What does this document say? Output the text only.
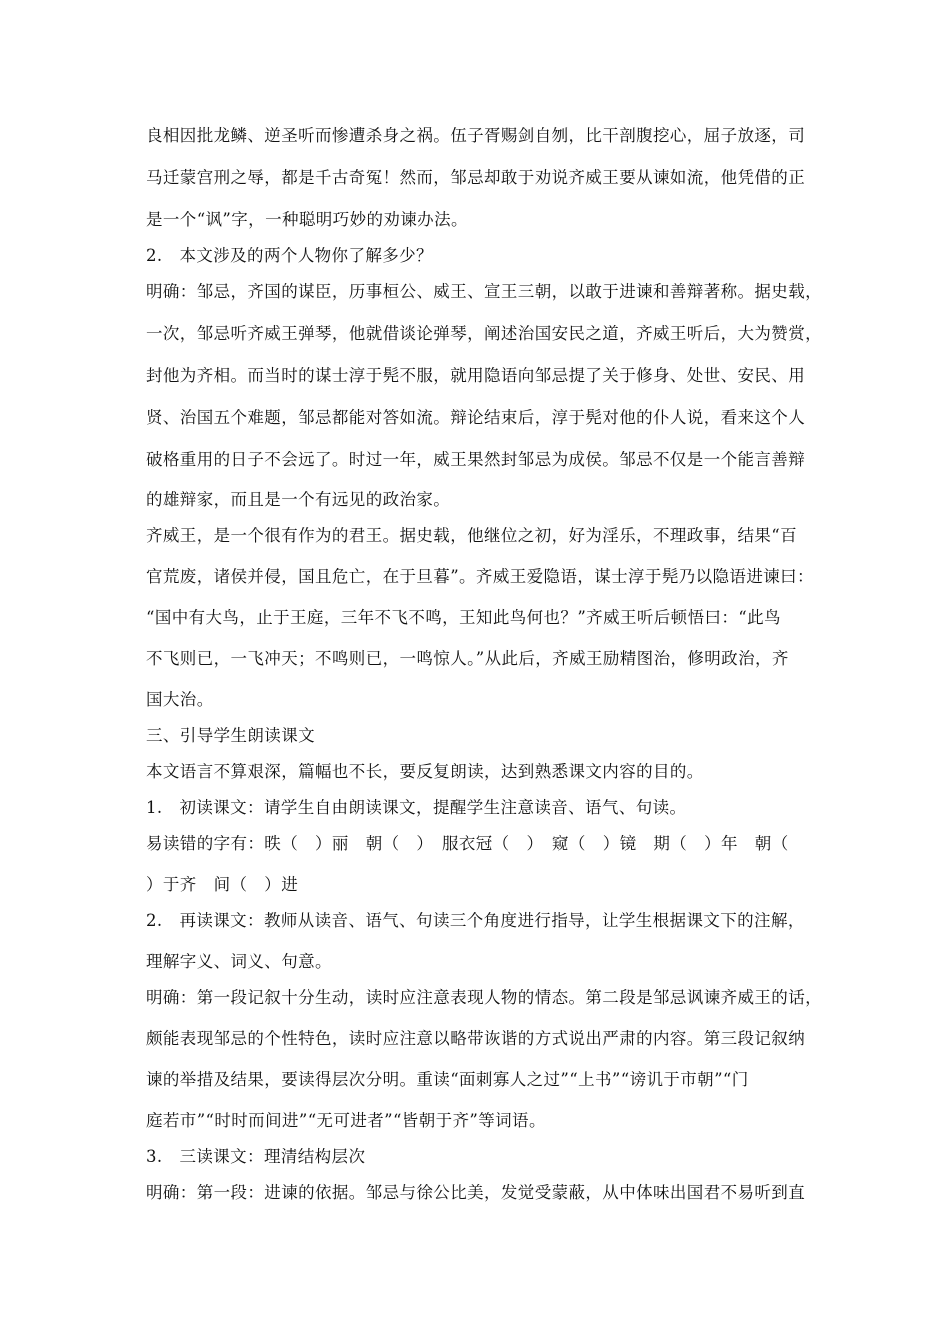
良相因批龙鳞、逆圣听而惨遭杀身之祸。伍子胥赐剑自刎，比干剖腹挖心，屈子放逐，司
马迁蒙宫刑之辱，都是千古奇冤！然而，邹忌却敢于劝说齐威王要从谏如流，他凭借的正
是一个“讽”字，一种聪明巧妙的劝谏办法。
2.　本文涉及的两个人物你了解多少？
明确：邹忌，齐国的谋臣，历事桓公、威王、宣王三朝，以敢于进谏和善辩著称。据史载，
一次，邹忌听齐威王弹琴，他就借谈论弹琴，阐述治国安民之道，齐威王听后，大为赞赏，
封他为齐相。而当时的谋士淳于髡不服，就用隐语向邹忌提了关于修身、处世、安民、用
贤、治国五个难题，邹忌都能对答如流。辩论结束后，淳于髡对他的仆人说，看来这个人
破格重用的日子不会远了。时过一年，威王果然封邹忌为成侯。邹忌不仅是一个能言善辩
的雄辩家，而且是一个有远见的政治家。
齐威王，是一个很有作为的君王。据史载，他继位之初，好为淫乐，不理政事，结果“百
官荒废，诸侯并侵，国且危亡，在于旦暮”。齐威王爱隐语，谋士淳于髡乃以隐语进谏曰：
“国中有大鸟，止于王庭，三年不飞不鸣，王知此鸟何也？”齐威王听后顿悟曰：“此鸟
不飞则已，一飞冲天；不鸣则已，一鸣惊人。”从此后，齐威王励精图治，修明政治，齐
国大治。
三、引导学生朗读课文
本文语言不算艰深，篇幅也不长，要反复朗读，达到熟悉课文内容的目的。
1.　初读课文：请学生自由朗读课文，提醒学生注意读音、语气、句读。
易读错的字有：昳（　）丽　朝（　）　服衣冠（　）　窥（　）镜　期（　）年　朝（
）于齐　间（　）进
2.　再读课文：教师从读音、语气、句读三个角度进行指导，让学生根据课文下的注解，
理解字义、词义、句意。
明确：第一段记叙十分生动，读时应注意表现人物的情态。第二段是邹忌讽谏齐威王的话，
颇能表现邹忌的个性特色，读时应注意以略带诙谐的方式说出严肃的内容。第三段记叙纳
谏的举措及结果，要读得层次分明。重读“面刺寡人之过”“上书”“谤讥于市朝”“门
庭若市”“时时而间进”“无可进者”“皆朝于齐”等词语。
3.　三读课文：理清结构层次
明确：第一段：进谏的依据。邹忌与徐公比美，发觉受蒙蔽，从中体味出国君不易听到直
